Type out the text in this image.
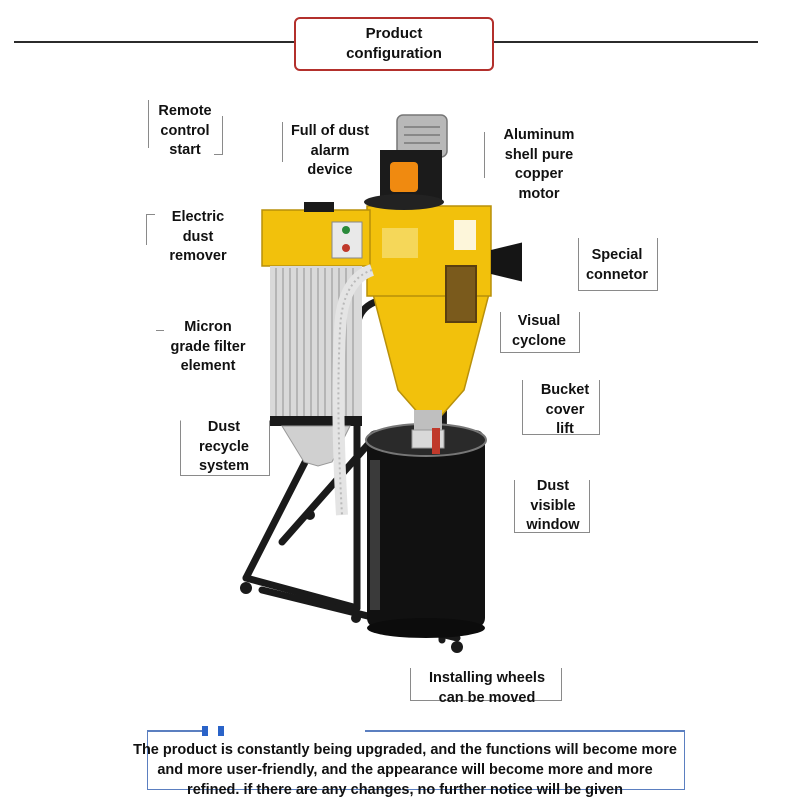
Product
configuration
Remote
control
start
Full of dust
alarm
device
Aluminum
shell pure
copper
motor
Electric
dust
remover	Special
connetor
Micron
grade filter
element
Visual
cyclone
Bucket
cover
lift
Dust
recycle
system
Dust
visible
window
Installing wheels
can be moved
The product is constantly being upgraded, and the functions will become more
and more user-friendly, and the appearance will become more and more
refined. if there are any changes, no further notice will be given
